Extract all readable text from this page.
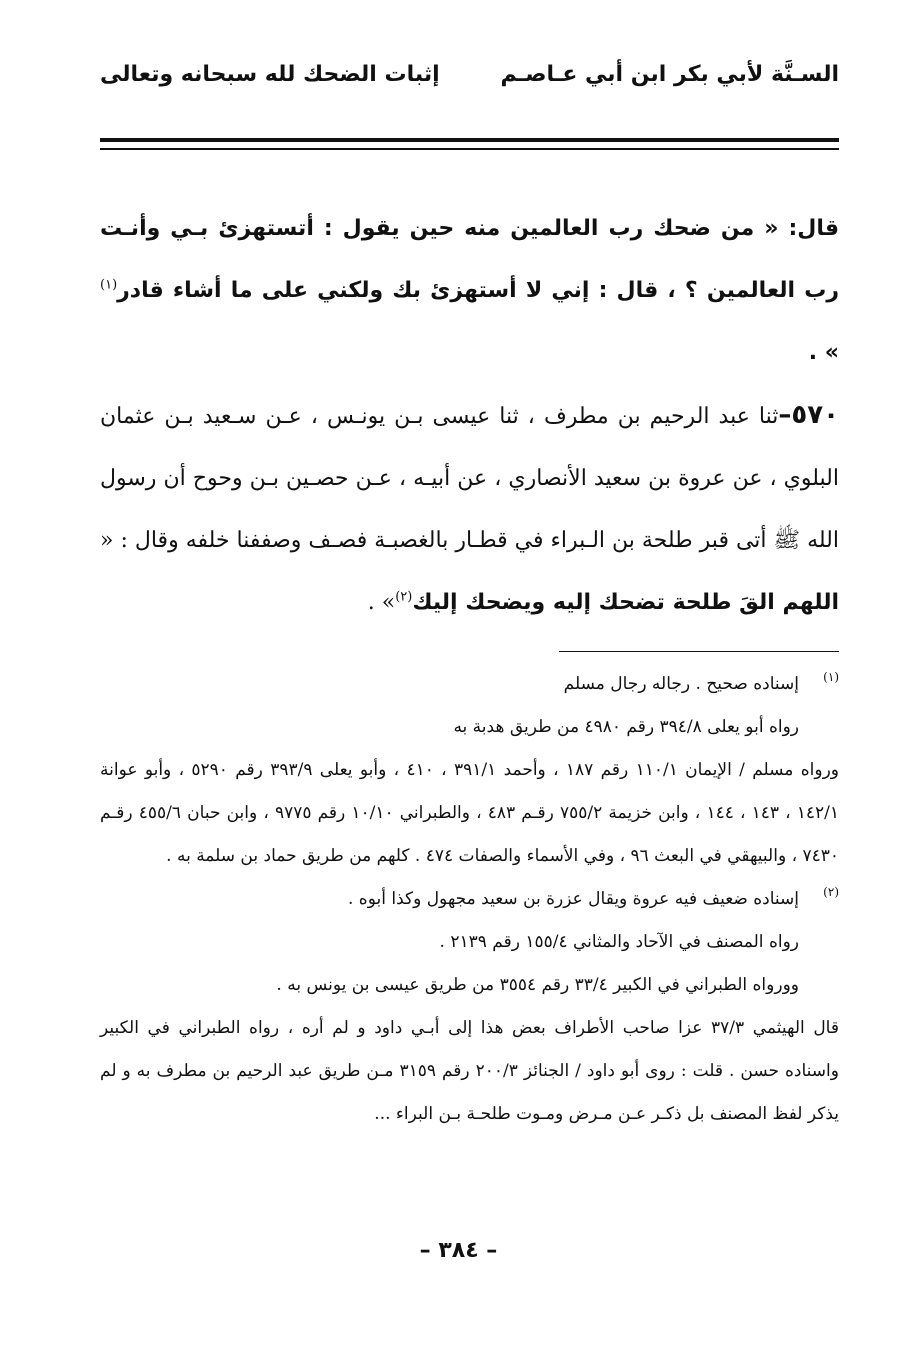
السـنَّة لأبي بكر ابن أبي عـاصـم
إثبات الضحك لله سبحانه وتعالى

قال: « من ضحك رب العالمين منه حين يقول : أتستهزئ بـي وأنـت رب العالمين ؟ ، قال : إني لا أستهزئ بك ولكني على ما أشاء قادر$^{(١)}$ » .

٥٧٠–ثنا عبد الرحيم بن مطرف ، ثنا عيسى بـن يونـس ، عـن سـعيد بـن عثمان البلوي ، عن عروة بن سعيد الأنصاري ، عن أبيـه ، عـن حصـين بـن وحوح أن رسول الله ﷺ أتى قبر طلحة بن الـبراء في قطـار بالغصبـة فصـف وصففنا خلفه وقال : « اللهم القَ طلحة تضحك إليه ويضحك إليك$^{(٢)}$» .

(١)
إسناده صحيح . رجاله رجال مسلم
رواه أبو يعلى ٣٩٤/٨ رقم ٤٩٨٠ من طريق هدبة به
ورواه مسلم / الإيمان ١١٠/١ رقم ١٨٧ ، وأحمد ٣٩١/١ ، ٤١٠ ، وأبو يعلى ٣٩٣/٩ رقم ٥٢٩٠ ، وأبو عوانة ١٤٢/١ ، ١٤٣ ، ١٤٤ ، وابن خزيمة ٧٥٥/٢ رقـم ٤٨٣ ، والطبراني ١٠/١٠ رقم ٩٧٧٥ ، وابن حبان ٤٥٥/٦ رقـم ٧٤٣٠ ، والبيهقي في البعث ٩٦ ، وفي الأسماء والصفات ٤٧٤ . كلهم من طريق حماد بن سلمة به .
(٢)
إسناده ضعيف فيه عروة ويقال عزرة بن سعيد مجهول وكذا أبوه .
رواه المصنف في الآحاد والمثاني ١٥٥/٤ رقم ٢١٣٩ .
وورواه الطبراني في الكبير ٣٣/٤ رقم ٣٥٥٤ من طريق عيسى بن يونس به .
قال الهيثمي ٣٧/٣ عزا صاحب الأطراف بعض هذا إلى أبـي داود و لم أره ، رواه الطبراني في الكبير واسناده حسن . قلت : روى أبو داود / الجنائز ٢٠٠/٣ رقم ٣١٥٩ مـن طريق عبد الرحيم بن مطرف به و لم يذكر لفظ المصنف بل ذكـر عـن مـرض ومـوت طلحـة بـن البراء ...
– ٣٨٤ –
